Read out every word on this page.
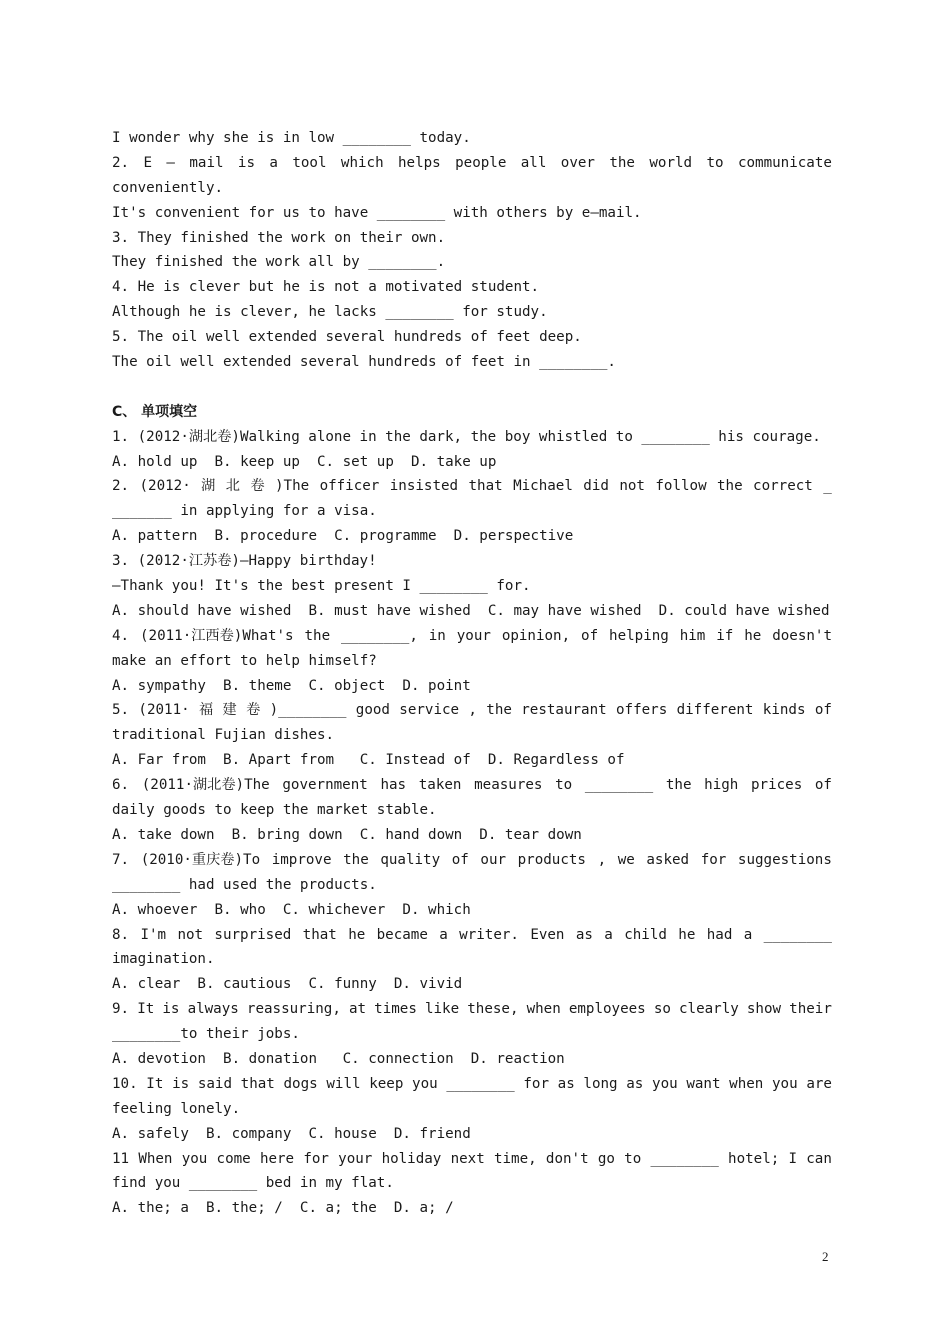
I wonder why she is in low ________ today.
2. E — mail is a tool which helps people all over the world to communicate
conveniently.
It's convenient for us to have ________ with others by e—mail.
3. They finished the work on their own.
They finished the work all by ________.
4. He is clever but he is not a motivated student.
Although he is clever, he lacks ________ for study.
5. The oil well extended several hundreds of feet deep.
The oil well extended several hundreds of feet in ________.
C、 单项填空
1. (2012·湖北卷)Walking alone in the dark, the boy whistled to ________ his courage.
A. hold up  B. keep up  C. set up  D. take up
2. (2012· 湖 北 卷 )The officer insisted that Michael did not follow the correct _
_______ in applying for a visa.
A. pattern  B. procedure  C. programme  D. perspective
3. (2012·江苏卷)—Happy birthday!
—Thank you! It's the best present I ________ for.
A. should have wished  B. must have wished  C. may have wished  D. could have wished
4. (2011·江西卷)What's the ________, in your opinion, of helping him if he doesn't
make an effort to help himself?
A. sympathy  B. theme  C. object  D. point
5. (2011· 福 建 卷 )________ good service , the restaurant offers different kinds of
traditional Fujian dishes.
A. Far from  B. Apart from   C. Instead of  D. Regardless of
6. (2011·湖北卷)The government has taken measures to ________ the high prices of
daily goods to keep the market stable.
A. take down  B. bring down  C. hand down  D. tear down
7. (2010·重庆卷)To improve the quality of our products , we asked for suggestions
________ had used the products.
A. whoever  B. who  C. whichever  D. which
8. I'm not surprised that he became a writer. Even as a child he had a ________
imagination.
A. clear  B. cautious  C. funny  D. vivid
9. It is always reassuring, at times like these, when employees so clearly show their
________to their jobs.
A. devotion  B. donation   C. connection  D. reaction
10. It is said that dogs will keep you ________ for as long as you want when you are
feeling lonely.
A. safely  B. company  C. house  D. friend
11 When you come here for your holiday next time, don't go to ________ hotel; I can
find you ________ bed in my flat.
A. the; a  B. the; /  C. a; the  D. a; /
2
